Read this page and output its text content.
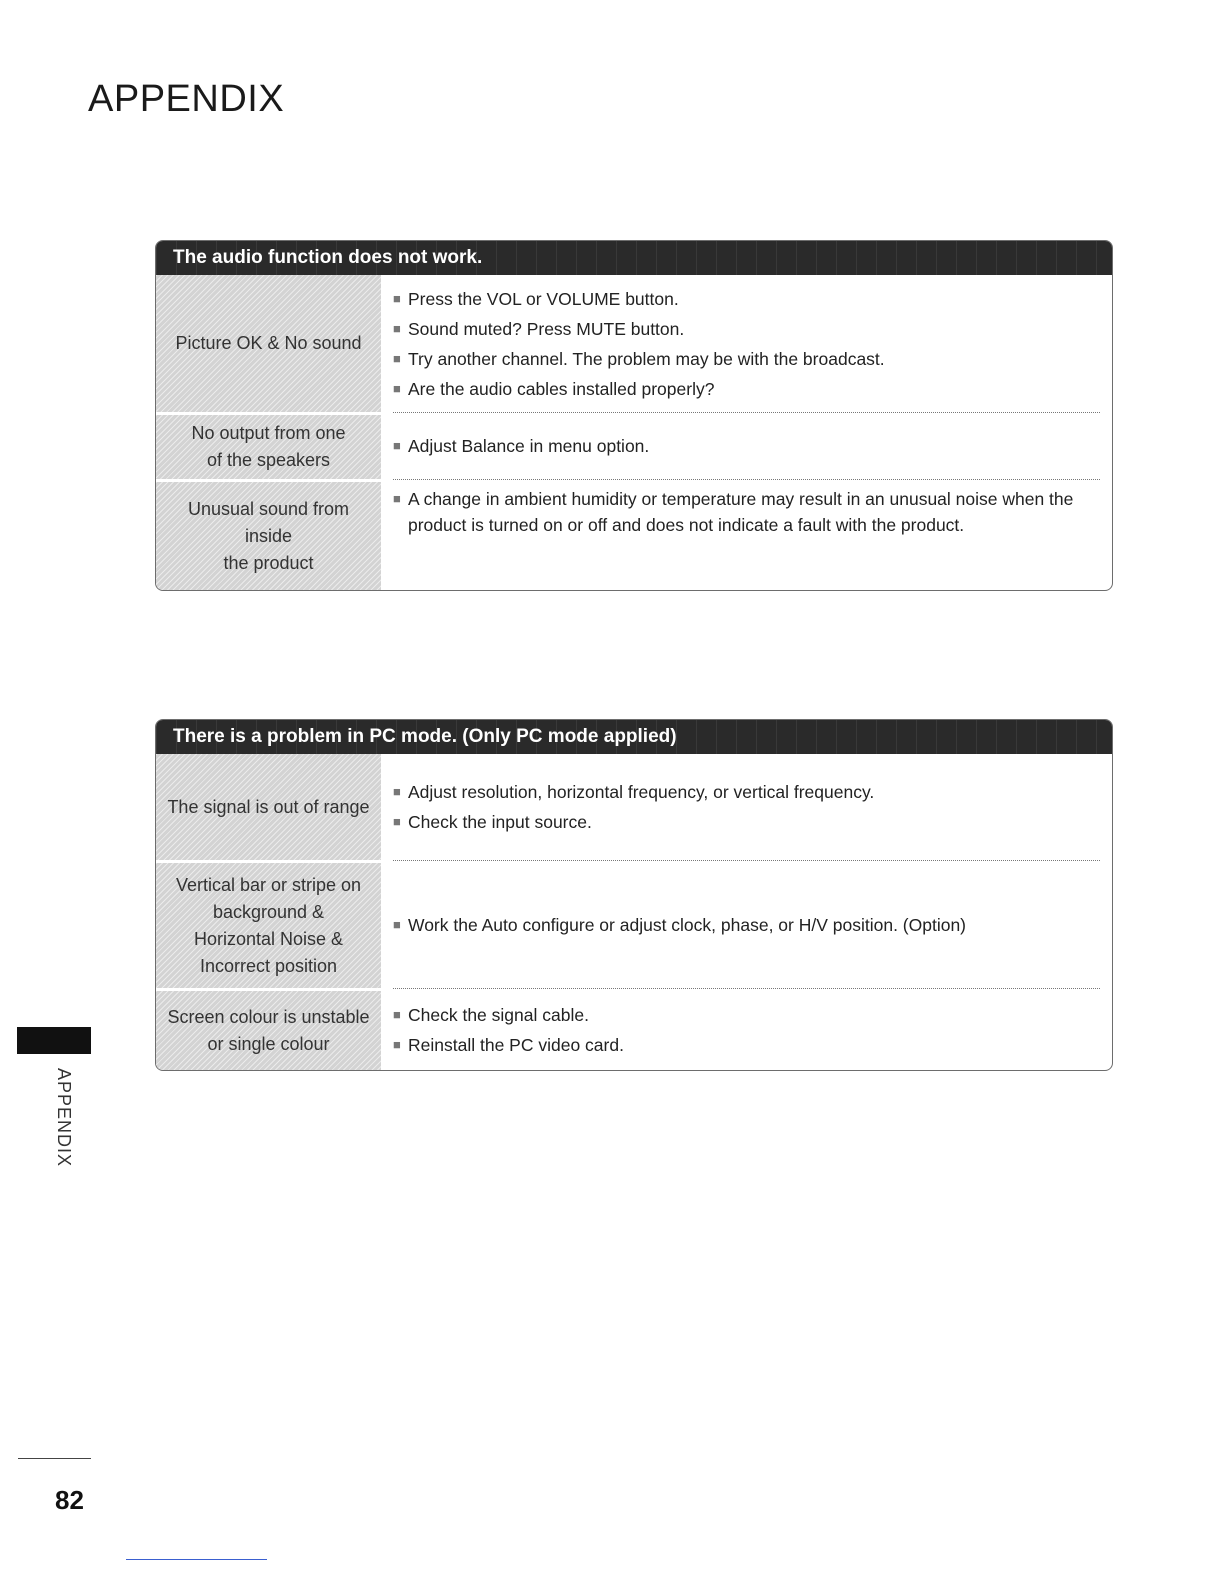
APPENDIX
The audio function does not work.
Picture OK & No sound
■ Press the VOL or VOLUME button.
■ Sound muted? Press MUTE button.
■ Try another channel. The problem may be with the broadcast.
■ Are the audio cables installed properly?
No output from one
of the speakers
■ Adjust Balance in menu option.
Unusual sound from
inside
the product
■ A change in ambient humidity or temperature may result in an unusual noise when the product is turned on or off and does not indicate a fault with the product.
There is a problem in PC mode. (Only PC mode applied)
The signal is out of range
■ Adjust resolution, horizontal frequency, or vertical frequency.
■ Check the input source.
Vertical bar or stripe on
background &
Horizontal Noise &
Incorrect position
■ Work the Auto configure or adjust clock, phase, or H/V position. (Option)
Screen colour is unstable
or single colour
■ Check the signal cable.
■ Reinstall the PC video card.
APPENDIX
82
